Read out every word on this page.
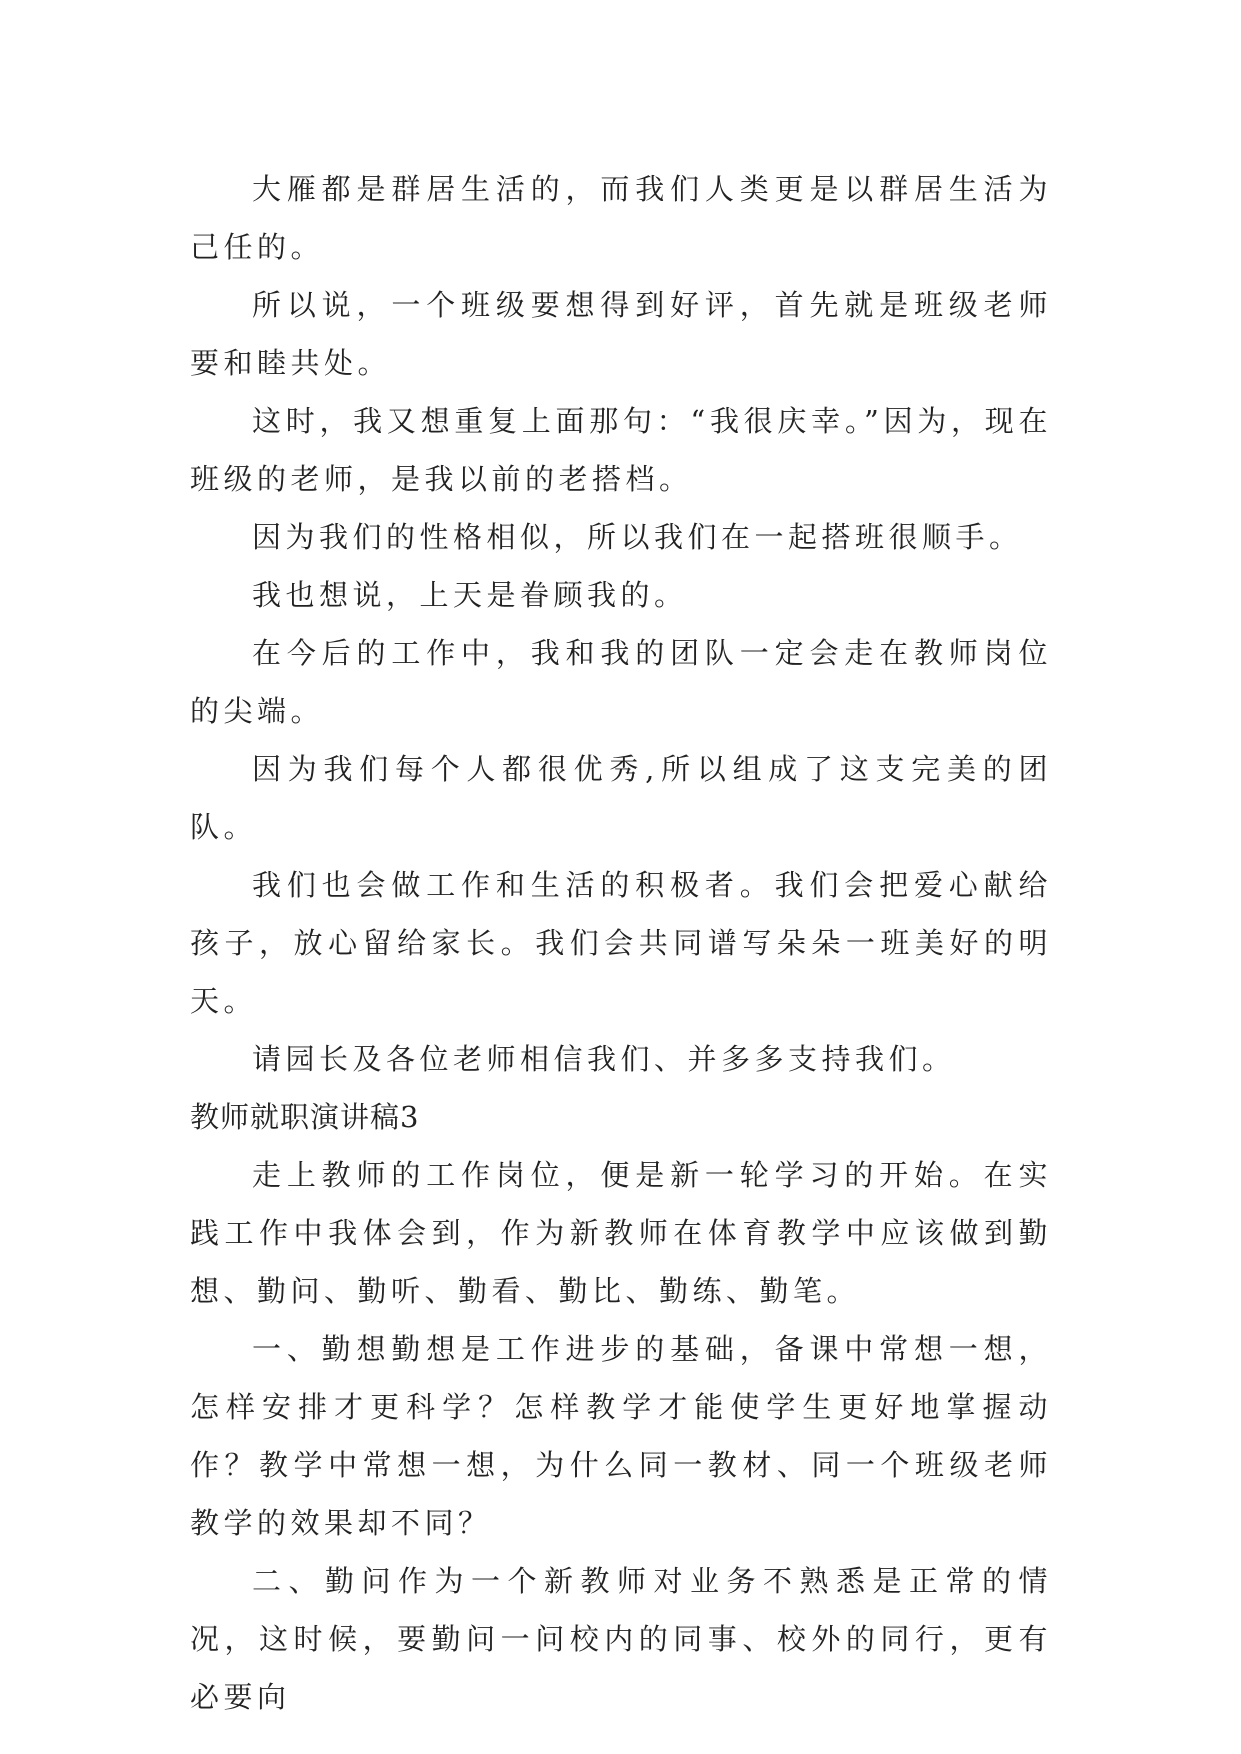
大雁都是群居生活的，而我们人类更是以群居生活为己任的。

所以说，一个班级要想得到好评，首先就是班级老师要和睦共处。

这时，我又想重复上面那句：“我很庆幸。”因为，现在班级的老师，是我以前的老搭档。

因为我们的性格相似，所以我们在一起搭班很顺手。

我也想说，上天是眷顾我的。

在今后的工作中，我和我的团队一定会走在教师岗位的尖端。

因为我们每个人都很优秀,所以组成了这支完美的团队。

我们也会做工作和生活的积极者。我们会把爱心献给孩子，放心留给家长。我们会共同谱写朵朵一班美好的明天。

请园长及各位老师相信我们、并多多支持我们。

教师就职演讲稿3

走上教师的工作岗位，便是新一轮学习的开始。在实践工作中我体会到，作为新教师在体育教学中应该做到勤想、勤问、勤听、勤看、勤比、勤练、勤笔。

一、勤想勤想是工作进步的基础，备课中常想一想，怎样安排才更科学？怎样教学才能使学生更好地掌握动作？教学中常想一想，为什么同一教材、同一个班级老师教学的效果却不同？

二、勤问作为一个新教师对业务不熟悉是正常的情况，这时候，要勤问一问校内的同事、校外的同行，更有必要向
